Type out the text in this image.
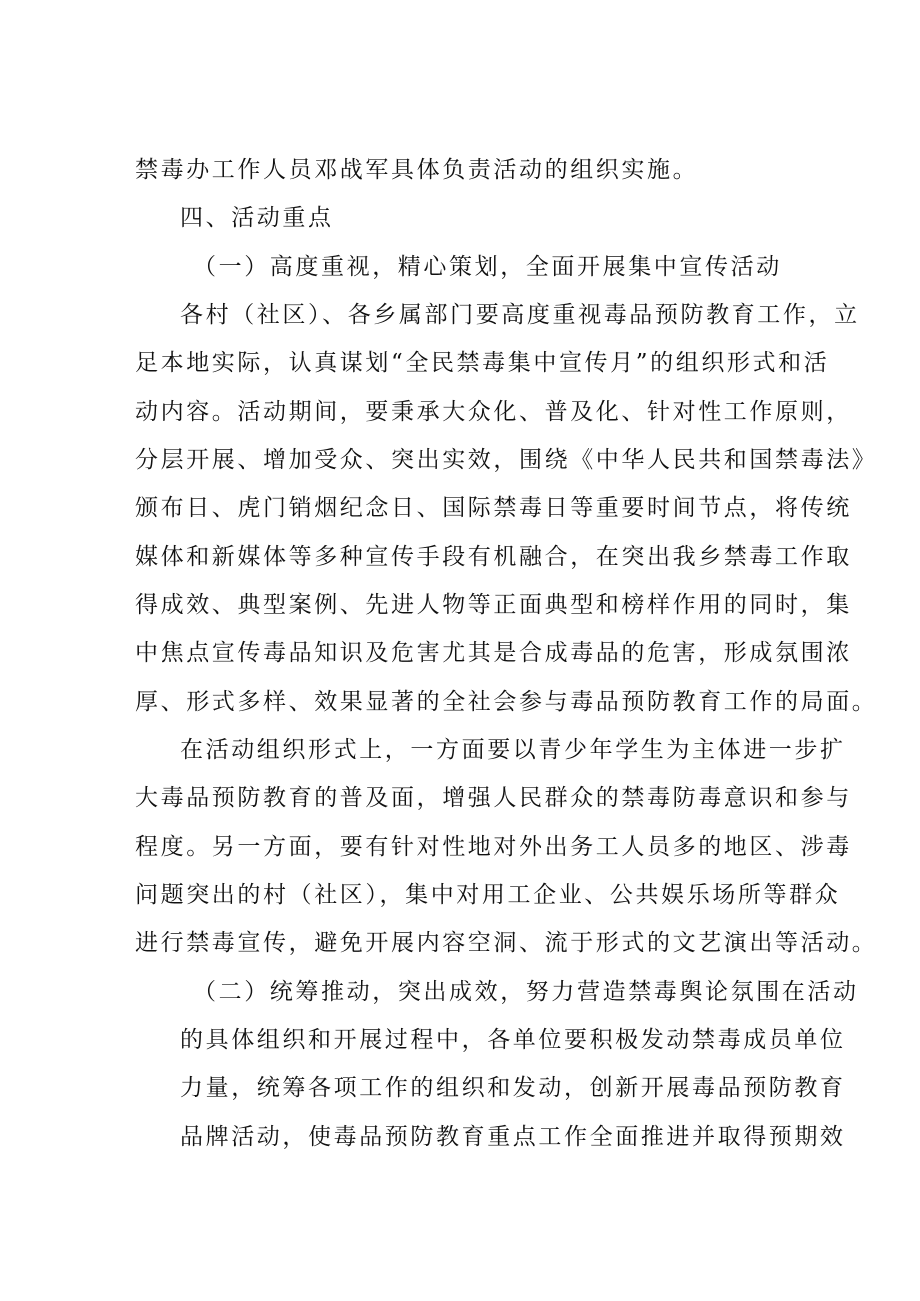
禁毒办工作人员邓战军具体负责活动的组织实施。
四、活动重点
（一）高度重视，精心策划，全面开展集中宣传活动
各村（社区）、各乡属部门要高度重视毒品预防教育工作，立
足本地实际，认真谋划“全民禁毒集中宣传月”的组织形式和活
动内容。活动期间，要秉承大众化、普及化、针对性工作原则，
分层开展、增加受众、突出实效，围绕《中华人民共和国禁毒法》
颁布日、虎门销烟纪念日、国际禁毒日等重要时间节点，将传统
媒体和新媒体等多种宣传手段有机融合，在突出我乡禁毒工作取
得成效、典型案例、先进人物等正面典型和榜样作用的同时，集
中焦点宣传毒品知识及危害尤其是合成毒品的危害，形成氛围浓
厚、形式多样、效果显著的全社会参与毒品预防教育工作的局面。
在活动组织形式上，一方面要以青少年学生为主体进一步扩
大毒品预防教育的普及面，增强人民群众的禁毒防毒意识和参与
程度。另一方面，要有针对性地对外出务工人员多的地区、涉毒
问题突出的村（社区），集中对用工企业、公共娱乐场所等群众
进行禁毒宣传，避免开展内容空洞、流于形式的文艺演出等活动。
（二）统筹推动，突出成效，努力营造禁毒舆论氛围在活动
的具体组织和开展过程中，各单位要积极发动禁毒成员单位
力量，统筹各项工作的组织和发动，创新开展毒品预防教育
品牌活动，使毒品预防教育重点工作全面推进并取得预期效
